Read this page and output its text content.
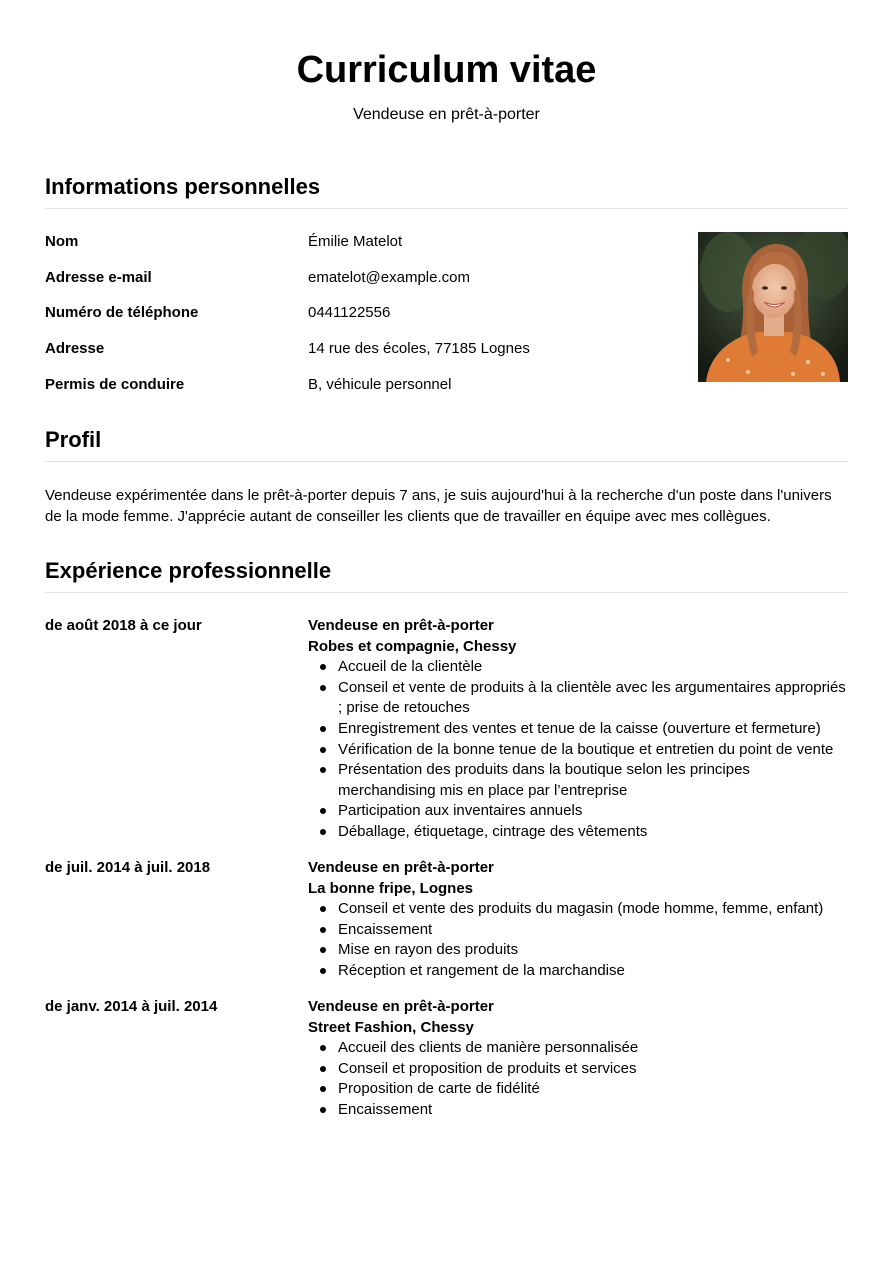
Curriculum vitae

Vendeuse en prêt-à-porter

Informations personnelles
Nom	Émilie Matelot
Adresse e-mail	ematelot@example.com
Numéro de téléphone	0441122556
Adresse	14 rue des écoles, 77185 Lognes
Permis de conduire	B, véhicule personnel
Profil

Vendeuse expérimentée dans le prêt-à-porter depuis 7 ans, je suis aujourd'hui à la recherche d'un poste dans l'univers de la mode femme. J'apprécie autant de conseiller les clients que de travailler en équipe avec mes collègues.

Expérience professionnelle
de août 2018 à ce jour	Vendeuse en prêt-à-porter
Robes et compagnie, Chessy
Accueil de la clientèle
Conseil et vente de produits à la clientèle avec les argumentaires appropriés ; prise de retouches
Enregistrement des ventes et tenue de la caisse (ouverture et fermeture)
Vérification de la bonne tenue de la boutique et entretien du point de vente
Présentation des produits dans la boutique selon les principes merchandising mis en place par l’entreprise
Participation aux inventaires annuels
Déballage, étiquetage, cintrage des vêtements
de juil. 2014 à juil. 2018	Vendeuse en prêt-à-porter
La bonne fripe, Lognes
Conseil et vente des produits du magasin (mode homme, femme, enfant)
Encaissement
Mise en rayon des produits
Réception et rangement de la marchandise
de janv. 2014 à juil. 2014	Vendeuse en prêt-à-porter
Street Fashion, Chessy
Accueil des clients de manière personnalisée
Conseil et proposition de produits et services
Proposition de carte de fidélité
Encaissement
